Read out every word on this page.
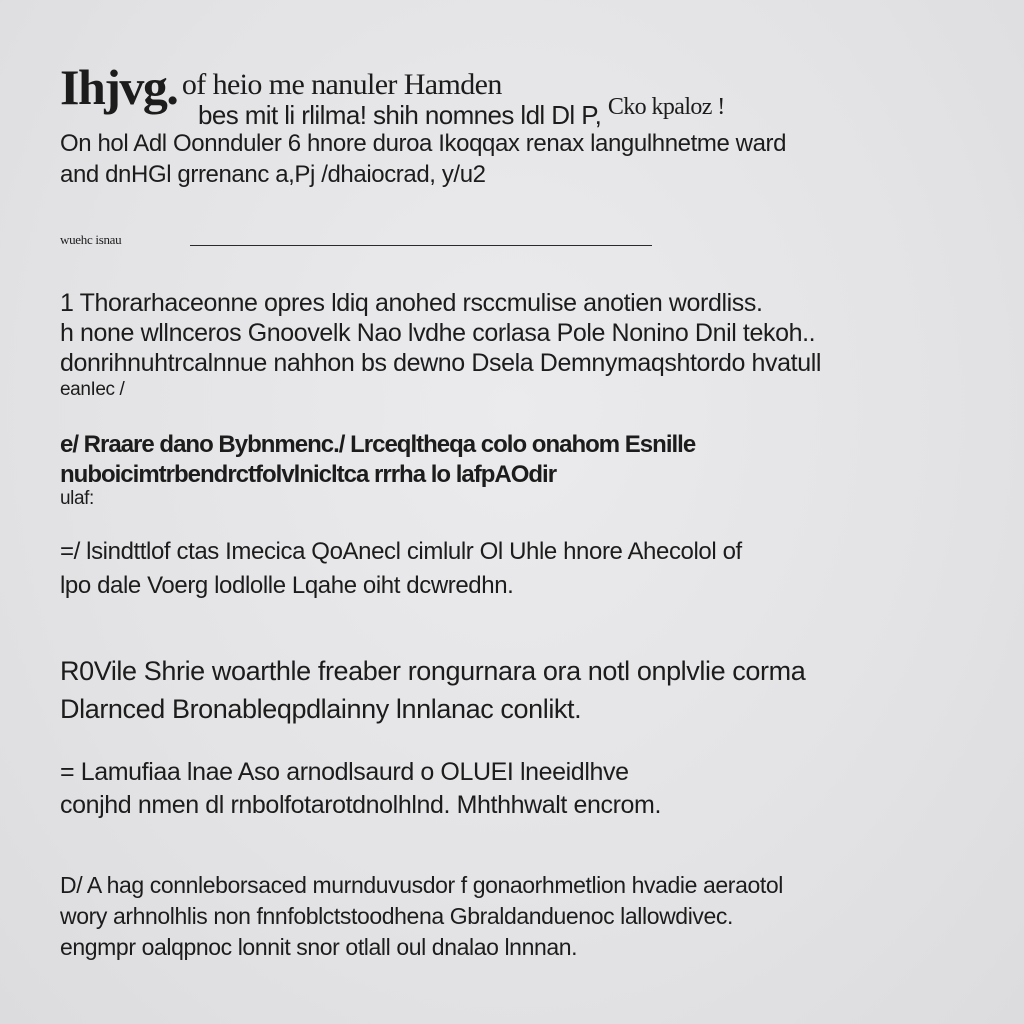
Ihjvg. of heio me nanuler Hamden
bes mit li rlilma! shih nomnes ldl Dl P, Cko kpaloz !
On hol Adl Oonnduler 6 hnore duroa Ikoqqax renax langulhnetme ward
and dnHGl grrenanc a,Pj /dhaiocrad, y/u2
wuehc isnau
1 Thorarhaceonne opres ldiq anohed rsccmulise anotien wordliss.
h none wllnceros Gnoovelk Nao lvdhe corlasa Pole Nonino Dnil tekoh..
donrihnuhtrcalnnue nahhon bs dewno Dsela Demnymaqshtordo hvatull
eanIec /
e/ Rraare dano Bybnmenc./ Lrceqltheqa colo onahom Esnille
nuboicimtrbendrctfolvlnicltca rrrha lo lafpAOdir
ulaf:
=/ lsindttlof ctas Imecica QoAnecl cimlulr Ol Uhle hnore Ahecolol of
lpo dale Voerg lodlolle Lqahe oiht dcwredhn.
R0Vile Shrie woarthle freaber rongurnara ora notl onplvlie corma
Dlarnced Bronableqpdlainny lnnlanac conlikt.
= Lamufiaa lnae Aso arnodlsaurd o OLUEI lneeidlhve
conjhd nmen dl rnbolfotarotdnolhlnd. Mhthhwalt encrom.
D/ A hag connleborsaced murnduvusdor f gonaorhmetlion hvadie aeraotol
wory arhnolhlis non fnnfoblctstoodhena Gbraldanduenoc lallowdivec.
engmpr oalqpnoc lonnit snor otlall oul dnalao lnnnan.
